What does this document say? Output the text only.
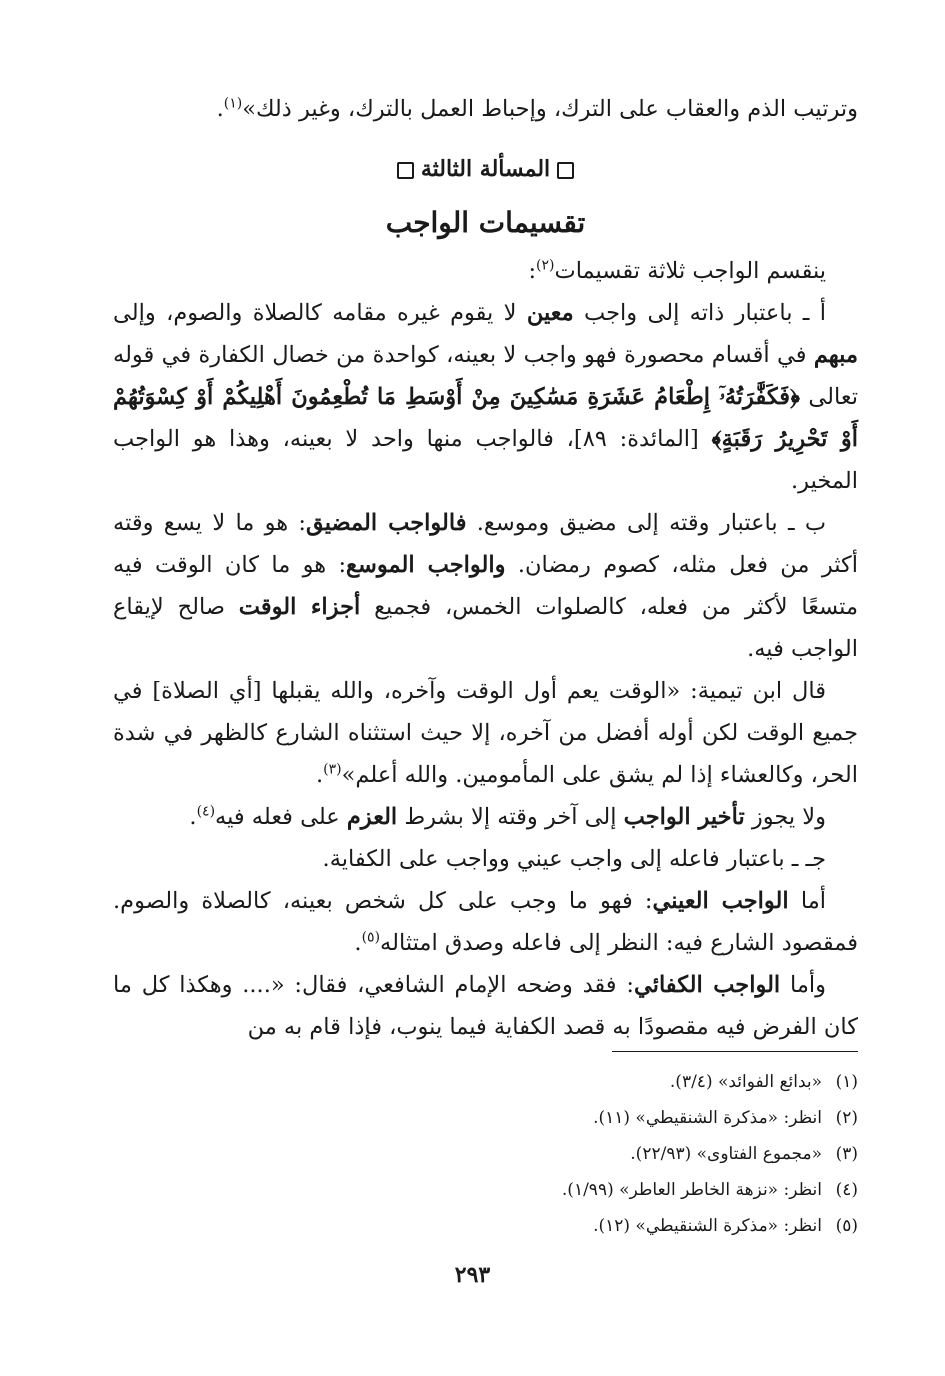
وترتيب الذم والعقاب على الترك، وإحباط العمل بالترك، وغير ذلك»$^{(١)}$.

المسألة الثالثة
تقسيمات الواجب

ينقسم الواجب ثلاثة تقسيمات$^{(٢)}$:

أ ـ باعتبار ذاته إلى واجب معين لا يقوم غيره مقامه كالصلاة والصوم، وإلى مبهم في أقسام محصورة فهو واجب لا بعينه، كواحدة من خصال الكفارة في قوله تعالى ﴿فَكَفَّٰرَتُهُۥٓ إِطْعَامُ عَشَرَةِ مَسَٰكِينَ مِنْ أَوْسَطِ مَا تُطْعِمُونَ أَهْلِيكُمْ أَوْ كِسْوَتُهُمْ أَوْ تَحْرِيرُ رَقَبَةٍ﴾ [المائدة: ٨٩]، فالواجب منها واحد لا بعينه، وهذا هو الواجب المخير.

ب ـ باعتبار وقته إلى مضيق وموسع. فالواجب المضيق: هو ما لا يسع وقته أكثر من فعل مثله، كصوم رمضان. والواجب الموسع: هو ما كان الوقت فيه متسعًا لأكثر من فعله، كالصلوات الخمس، فجميع أجزاء الوقت صالح لإيقاع الواجب فيه.

قال ابن تيمية: «الوقت يعم أول الوقت وآخره، والله يقبلها [أي الصلاة] في جميع الوقت لكن أوله أفضل من آخره، إلا حيث استثناه الشارع كالظهر في شدة الحر، وكالعشاء إذا لم يشق على المأمومين. والله أعلم»$^{(٣)}$.

ولا يجوز تأخير الواجب إلى آخر وقته إلا بشرط العزم على فعله فيه$^{(٤)}$.

جـ ـ باعتبار فاعله إلى واجب عيني وواجب على الكفاية.

أما الواجب العيني: فهو ما وجب على كل شخص بعينه، كالصلاة والصوم. فمقصود الشارع فيه: النظر إلى فاعله وصدق امتثاله$^{(٥)}$.

وأما الواجب الكفائي: فقد وضحه الإمام الشافعي، فقال: «.... وهكذا كل ما كان الفرض فيه مقصودًا به قصد الكفاية فيما ينوب، فإذا قام به من

(١)«بدائع الفوائد» (٣/٤).

(٢)انظر: «مذكرة الشنقيطي» (١١).

(٣)«مجموع الفتاوى» (٢٢/٩٣).

(٤)انظر: «نزهة الخاطر العاطر» (١/٩٩).

(٥)انظر: «مذكرة الشنقيطي» (١٢).

٢٩٣
